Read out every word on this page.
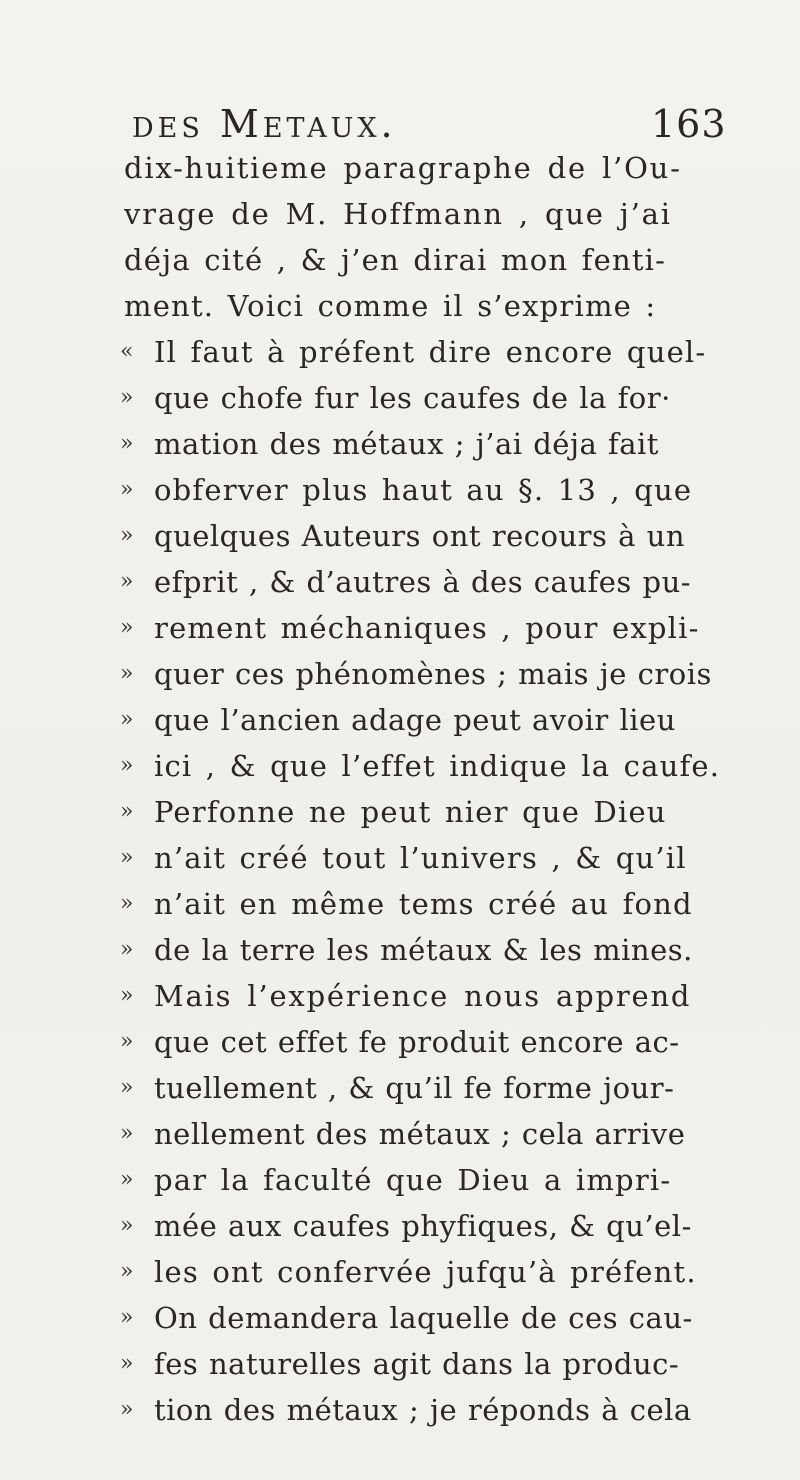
des Metaux.	163
dix-huitieme paragraphe de l’Ou-
vrage de M. Hoffmann , que j’ai
déja cité , & j’en dirai mon fenti-
ment. Voici comme il s’exprime :
« Il faut à préfent dire encore quel-
» que chofe fur les caufes de la for·
» mation des métaux ; j’ai déja fait
» obferver plus haut au §. 13 , que
» quelques Auteurs ont recours à un
» efprit , & d’autres à des caufes pu-
» rement méchaniques , pour expli-
» quer ces phénomènes ; mais je crois
» que l’ancien adage peut avoir lieu
» ici , & que l’effet indique la caufe.
» Perfonne ne peut nier que Dieu
» n’ait créé tout l’univers , & qu’il
» n’ait en même tems créé au fond
» de la terre les métaux & les mines.
» Mais l’expérience nous apprend
» que cet effet fe produit encore ac-
» tuellement , & qu’il fe forme jour-
» nellement des métaux ; cela arrive
» par la faculté que Dieu a impri-
» mée aux caufes phyfiques, & qu’el-
» les ont confervée jufqu’à préfent.
» On demandera laquelle de ces cau-
» fes naturelles agit dans la produc-
» tion des métaux ; je réponds à cela
